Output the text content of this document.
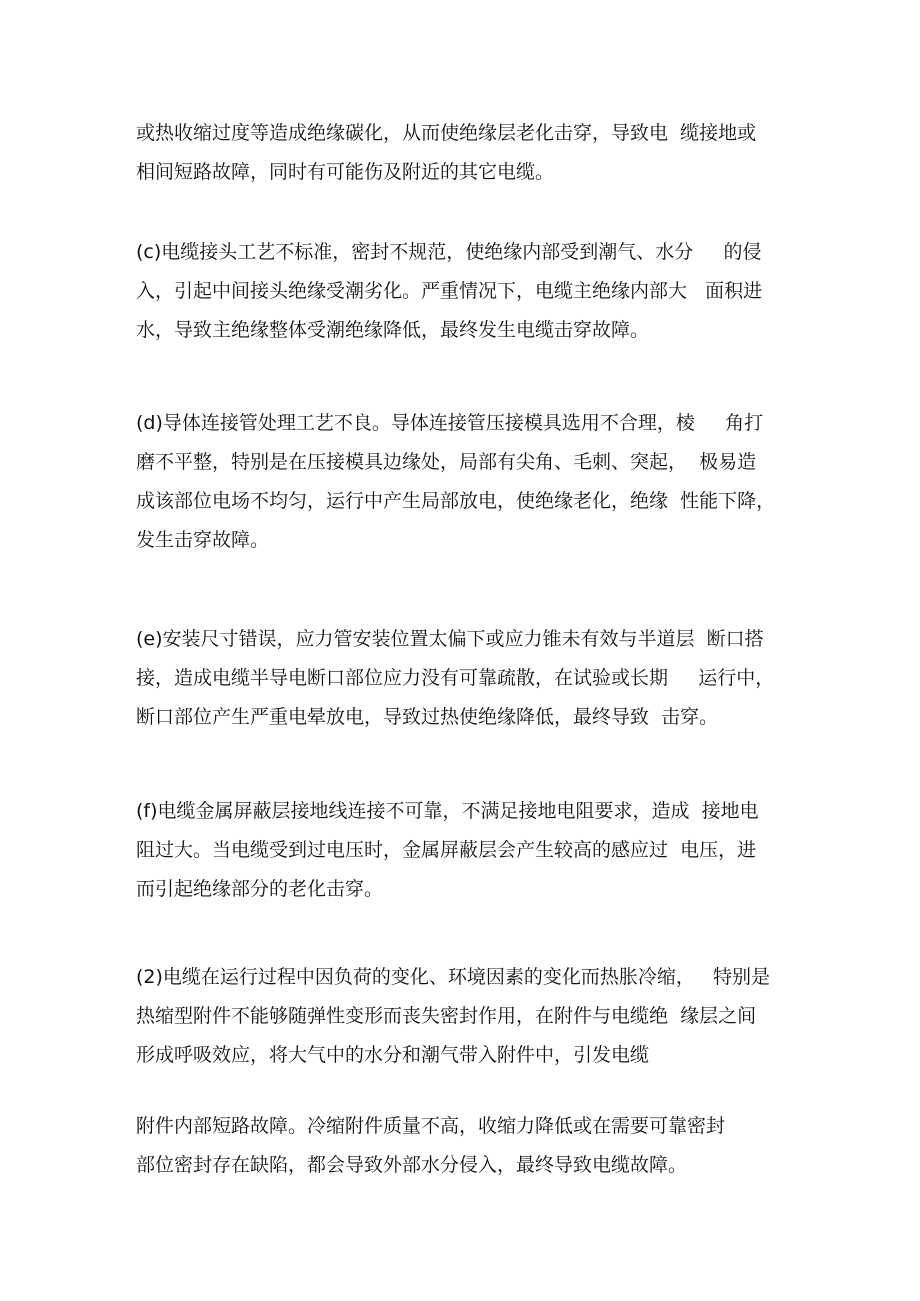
或热收缩过度等造成绝缘碳化，从而使绝缘层老化击穿，导致电  缆接地或
相间短路故障，同时有可能伤及附近的其它电缆。
(c)电缆接头工艺不标准，密封不规范，使绝缘内部受到潮气、水分     的侵
入，引起中间接头绝缘受潮劣化。严重情况下，电缆主绝缘内部大   面积进
水，导致主绝缘整体受潮绝缘降低，最终发生电缆击穿故障。
(d)导体连接管处理工艺不良。导体连接管压接模具选用不合理，棱     角打
磨不平整，特别是在压接模具边缘处，局部有尖角、毛刺、突起，  极易造
成该部位电场不均匀，运行中产生局部放电，使绝缘老化，绝缘  性能下降，
发生击穿故障。
(e)安装尺寸错误，应力管安装位置太偏下或应力锥未有效与半道层  断口搭
接，造成电缆半导电断口部位应力没有可靠疏散，在试验或长期     运行中，
断口部位产生严重电晕放电，导致过热使绝缘降低，最终导致  击穿。
(f)电缆金属屏蔽层接地线连接不可靠，不满足接地电阻要求，造成  接地电
阻过大。当电缆受到过电压时，金属屏蔽层会产生较高的感应过  电压，进
而引起绝缘部分的老化击穿。
(2)电缆在运行过程中因负荷的变化、环境因素的变化而热胀冷缩，   特别是
热缩型附件不能够随弹性变形而丧失密封作用，在附件与电缆绝  缘层之间
形成呼吸效应，将大气中的水分和潮气带入附件中，引发电缆
附件内部短路故障。冷缩附件质量不高，收缩力降低或在需要可靠密封
部位密封存在缺陷，都会导致外部水分侵入，最终导致电缆故障。
